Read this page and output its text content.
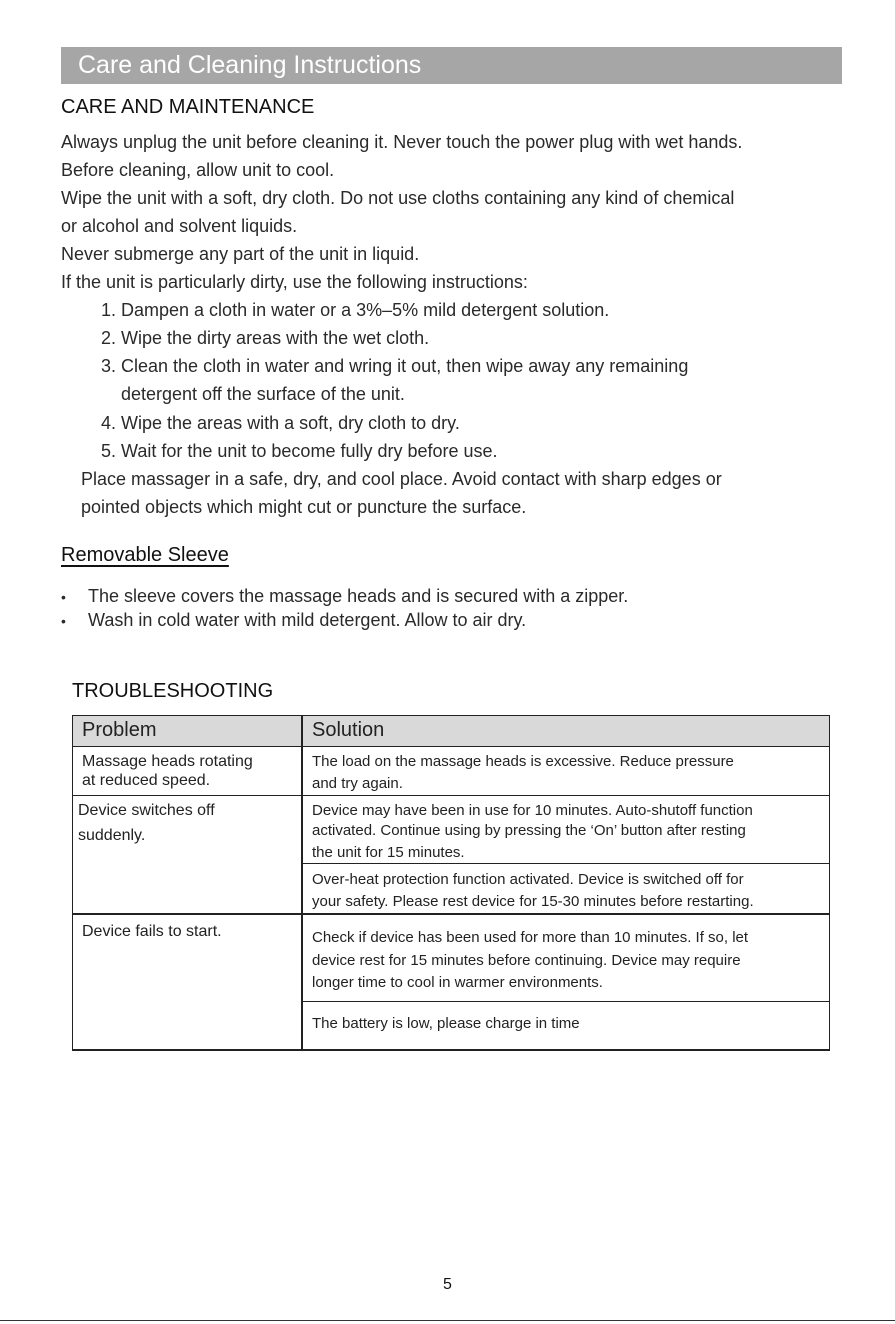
Care and Cleaning Instructions
CARE AND MAINTENANCE
Always unplug the unit before cleaning it. Never touch the power plug with wet hands.
Before cleaning, allow unit to cool.
Wipe the unit with a soft, dry cloth. Do not use cloths containing any kind of chemical
or alcohol and solvent liquids.
Never submerge any part of the unit in liquid.
If the unit is particularly dirty, use the following instructions:
1. Dampen a cloth in water or a 3%–5% mild detergent solution.
2. Wipe the dirty areas with the wet cloth.
3. Clean the cloth in water and wring it out, then wipe away any remaining
detergent off the surface of the unit.
4. Wipe the areas with a soft, dry cloth to dry.
5. Wait for the unit to become fully dry before use.
Place massager in a safe, dry, and cool place. Avoid contact with sharp edges or
pointed objects which might cut or puncture the surface.
Removable Sleeve
• The sleeve covers the massage heads and is secured with a zipper.
• Wash in cold water with mild detergent. Allow to air dry.
TROUBLESHOOTING
Problem	Solution
Massage heads rotating
at reduced speed.
The load on the massage heads is excessive. Reduce pressure
and try again.
Device switches off
suddenly.
Device may have been in use for 10 minutes. Auto-shutoff function
activated. Continue using by pressing the ‘On’ button after resting
the unit for 15 minutes.
Over-heat protection function activated. Device is switched off for
your safety. Please rest device for 15-30 minutes before restarting.
Device fails to start.	Check if device has been used for more than 10 minutes. If so, let
device rest for 15 minutes before continuing. Device may require
longer time to cool in warmer environments.
The battery is low, please charge in time
5
